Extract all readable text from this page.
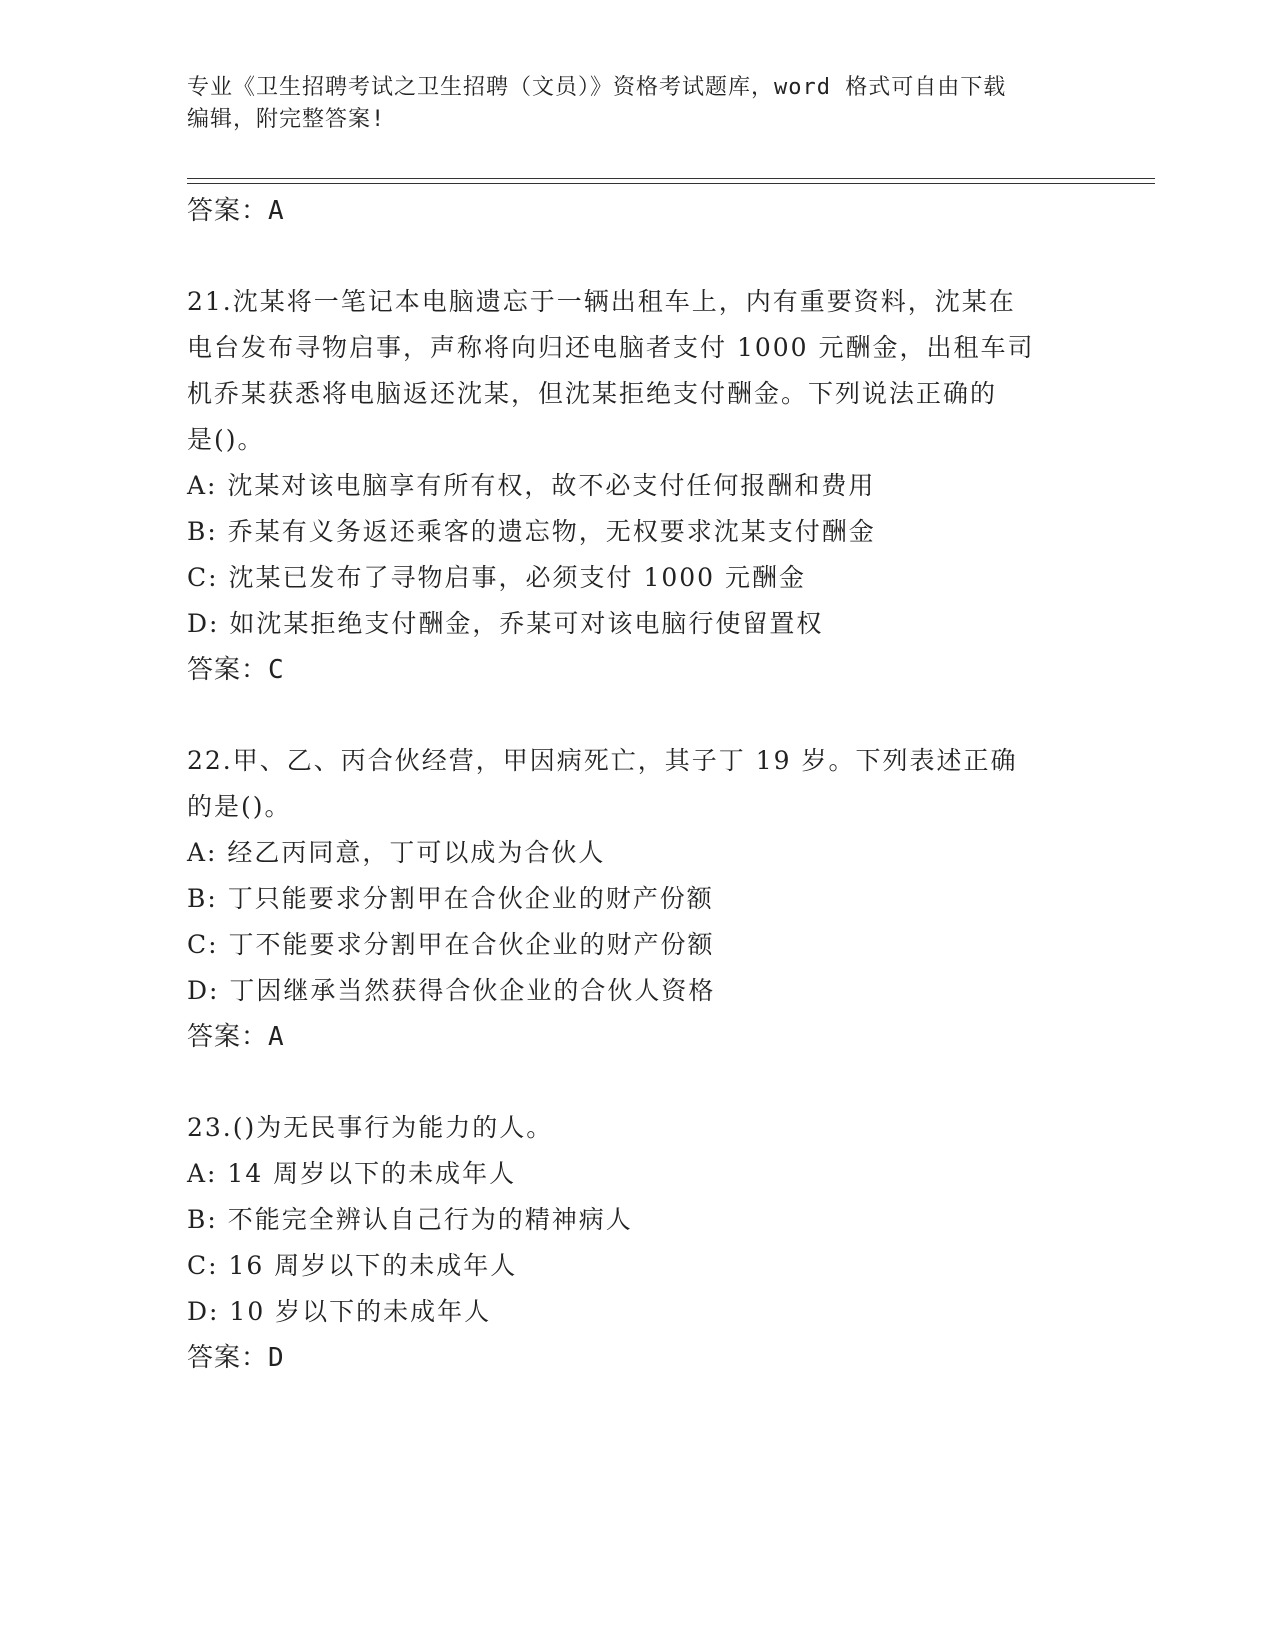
专业《卫生招聘考试之卫生招聘（文员）》资格考试题库，word 格式可自由下载
编辑，附完整答案!
答案：A
21.沈某将一笔记本电脑遗忘于一辆出租车上，内有重要资料，沈某在
电台发布寻物启事，声称将向归还电脑者支付 1000 元酬金，出租车司
机乔某获悉将电脑返还沈某，但沈某拒绝支付酬金。下列说法正确的
是()。
A: 沈某对该电脑享有所有权，故不必支付任何报酬和费用
B: 乔某有义务返还乘客的遗忘物，无权要求沈某支付酬金
C: 沈某已发布了寻物启事，必须支付 1000 元酬金
D: 如沈某拒绝支付酬金，乔某可对该电脑行使留置权
答案：C
22.甲、乙、丙合伙经营，甲因病死亡，其子丁 19 岁。下列表述正确
的是()。
A: 经乙丙同意，丁可以成为合伙人
B: 丁只能要求分割甲在合伙企业的财产份额
C: 丁不能要求分割甲在合伙企业的财产份额
D: 丁因继承当然获得合伙企业的合伙人资格
答案：A
23.()为无民事行为能力的人。
A: 14 周岁以下的未成年人
B: 不能完全辨认自己行为的精神病人
C: 16 周岁以下的未成年人
D: 10 岁以下的未成年人
答案：D
